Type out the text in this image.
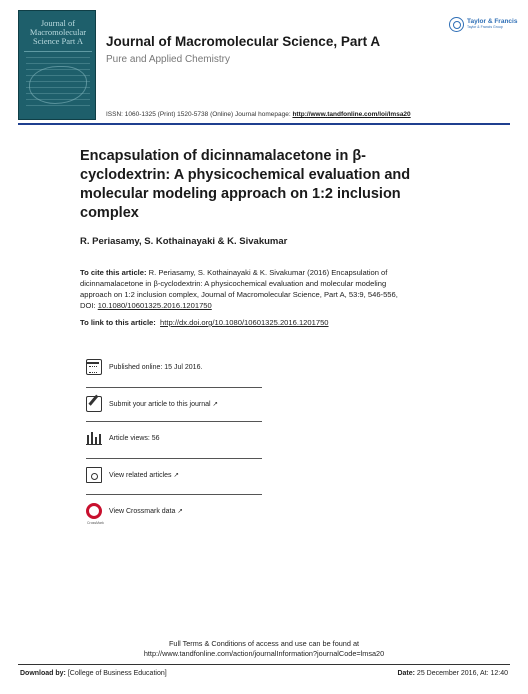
Journal of
Macromolecular
Science Part A	Journal of Macromolecular Science, Part A
Pure and Applied Chemistry
ISSN: 1060-1325 (Print) 1520-5738 (Online) Journal homepage: http://www.tandfonline.com/loi/lmsa20
Taylor & Francis
Taylor & Francis Group
Encapsulation of dicinnamalacetone in β-
cyclodextrin: A physicochemical evaluation and
molecular modeling approach on 1:2 inclusion
complex
R. Periasamy, S. Kothainayaki & K. Sivakumar
To cite this article: R. Periasamy, S. Kothainayaki & K. Sivakumar (2016) Encapsulation of
dicinnamalacetone in β-cyclodextrin: A physicochemical evaluation and molecular modeling
approach on 1:2 inclusion complex, Journal of Macromolecular Science, Part A, 53:9, 546-556,
DOI: 10.1080/10601325.2016.1201750
To link to this article: http://dx.doi.org/10.1080/10601325.2016.1201750
Published online: 15 Jul 2016.
Submit your article to this journal ↗
Article views: 56
View related articles ↗
CrossMark
View Crossmark data ↗
Full Terms & Conditions of access and use can be found at
http://www.tandfonline.com/action/journalInformation?journalCode=lmsa20
Download by: [College of Business Education]	Date: 25 December 2016, At: 12:40
